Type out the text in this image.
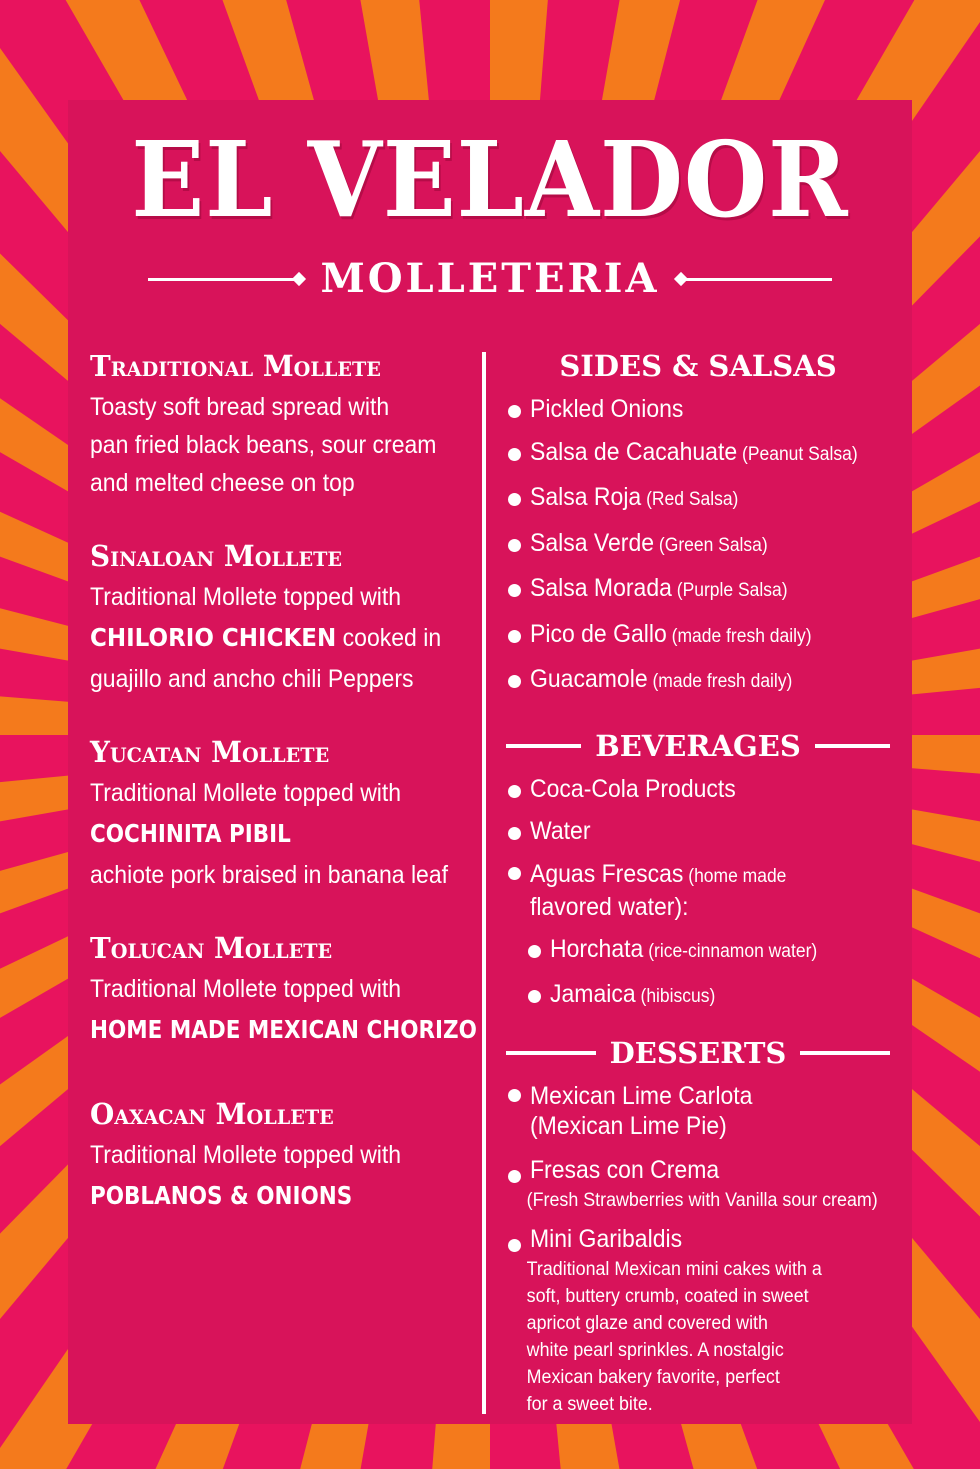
EL VELADOR
MOLLETERIA
Traditional Mollete
Toasty soft bread spread with
pan fried black beans, sour cream
and melted cheese on top
Sinaloan Mollete
Traditional Mollete topped with
CHILORIO CHICKEN cooked in
guajillo and ancho chili Peppers
Yucatan Mollete
Traditional Mollete topped with
COCHINITA PIBIL
achiote pork braised in banana leaf
Tolucan Mollete
Traditional Mollete topped with
HOME MADE MEXICAN CHORIZO
Oaxacan Mollete
Traditional Mollete topped with
POBLANOS & ONIONS
SIDES & SALSAS
Pickled Onions
Salsa de Cacahuate (Peanut Salsa)
Salsa Roja (Red Salsa)
Salsa Verde (Green Salsa)
Salsa Morada (Purple Salsa)
Pico de Gallo (made fresh daily)
Guacamole (made fresh daily)
BEVERAGES
Coca-Cola Products
Water
Aguas Frescas (home made
flavored water):
Horchata (rice-cinnamon water)
Jamaica (hibiscus)
DESSERTS
Mexican Lime Carlota
(Mexican Lime Pie)
Fresas con Crema
(Fresh Strawberries with Vanilla sour cream)
Mini Garibaldis
Traditional Mexican mini cakes with a
soft, buttery crumb, coated in sweet
apricot glaze and covered with
white pearl sprinkles. A nostalgic
Mexican bakery favorite, perfect
for a sweet bite.
